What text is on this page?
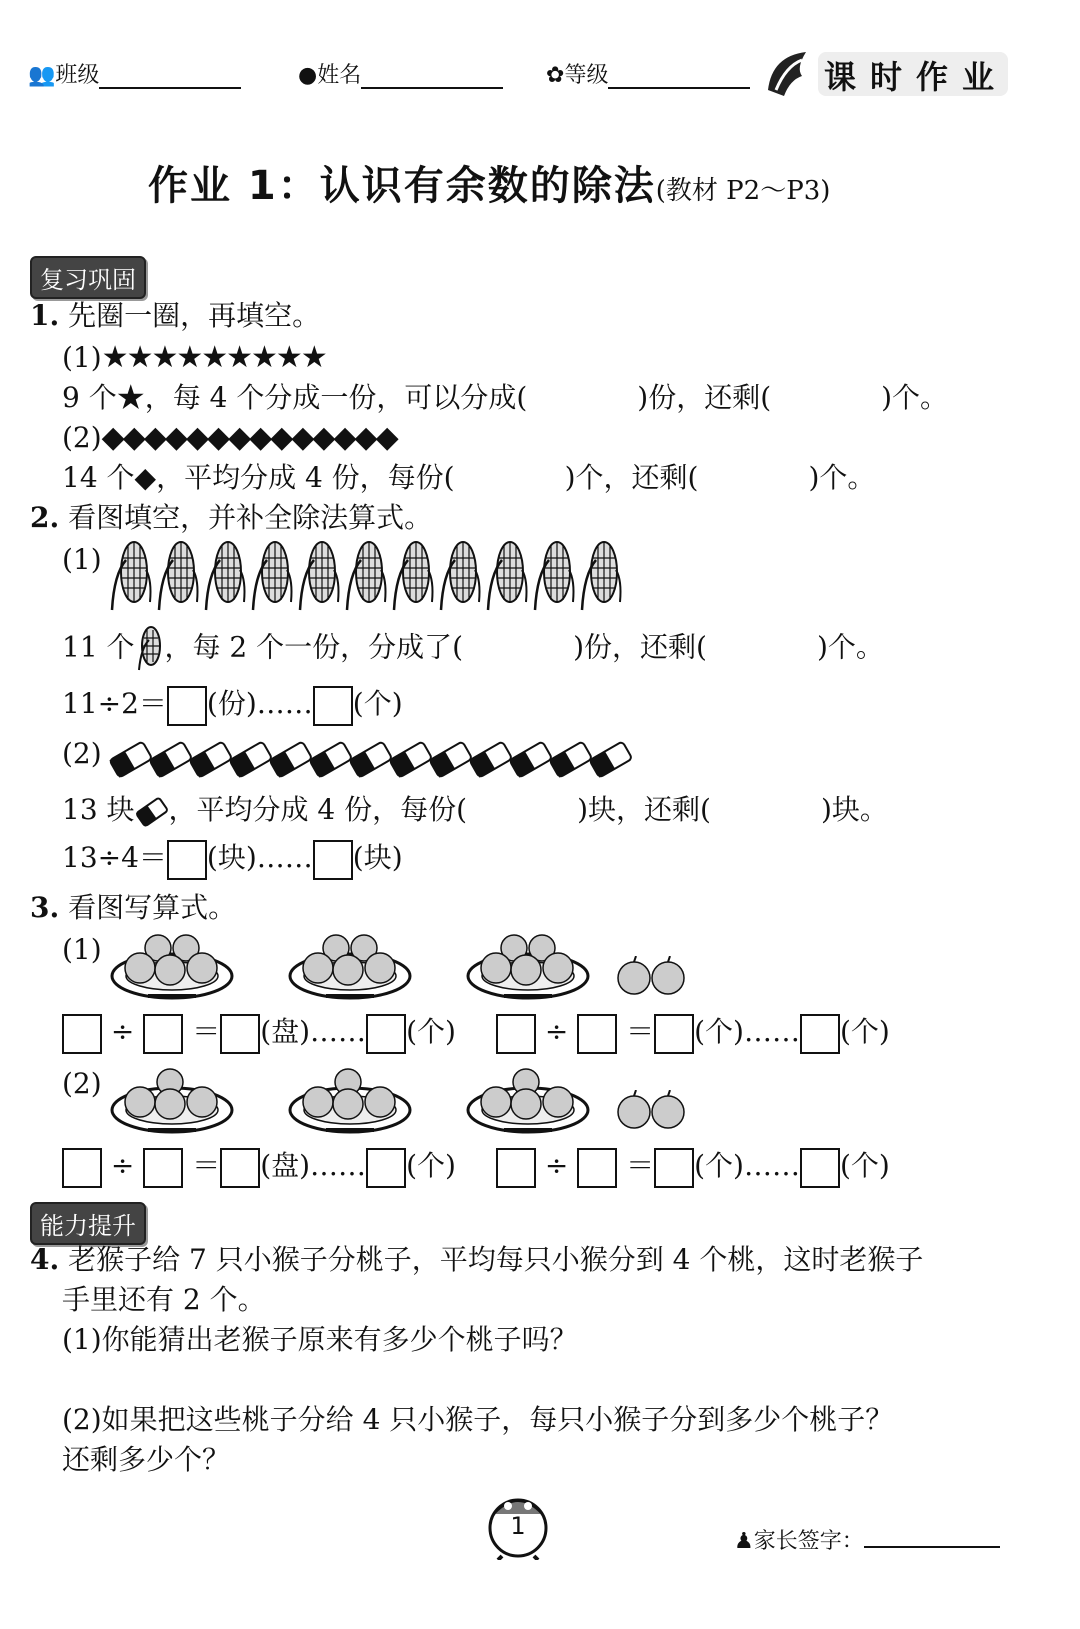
👥班级	●姓名	✿等级	课时作业
作业 1：认识有余数的除法(教材 P2～P3)
复习巩固
1. 先圈一圈，再填空。
(1)★★★★★★★★★
9 个★，每 4 个分成一份，可以分成(	)份，还剩(	)个。
(2)◆◆◆◆◆◆◆◆◆◆◆◆◆◆
14 个◆，平均分成 4 份，每份(	)个，还剩(	)个。
2. 看图填空，并补全除法算式。
(1)
11 个 ，每 2 个一份，分成了(	)份，还剩(	)个。
11÷2＝ (份)…… (个)
(2)
13 块 ，平均分成 4 份，每份(	)块，还剩(	)块。
13÷4＝ (块)…… (块)
3. 看图写算式。
(1)
÷ ＝ (盘)…… (个)	÷ ＝ (个)…… (个)
(2)
÷ ＝ (盘)…… (个)	÷ ＝ (个)…… (个)
能力提升
4. 老猴子给 7 只小猴子分桃子，平均每只小猴分到 4 个桃，这时老猴子
手里还有 2 个。
(1)你能猜出老猴子原来有多少个桃子吗？
(2)如果把这些桃子分给 4 只小猴子，每只小猴子分到多少个桃子？
还剩多少个？
1
♟家长签字：
